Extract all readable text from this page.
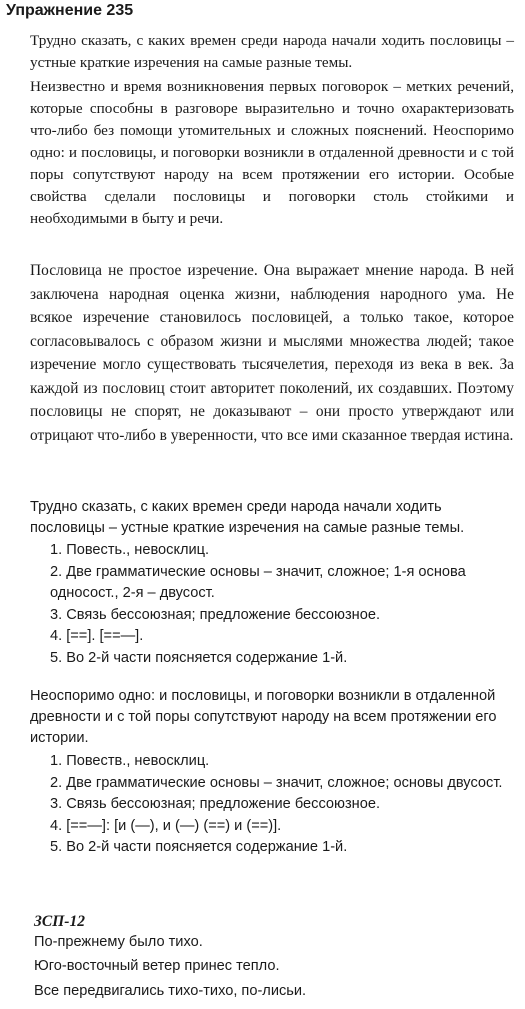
Упражнение 235
Трудно сказать, с каких времен среди народа начали ходить пословицы – устные краткие изречения на самые разные темы.
Неизвестно и время возникновения первых поговорок – метких речений, которые способны в разговоре выразительно и точно охарактеризовать что-либо без помощи утомительных и сложных пояснений. Неоспоримо одно: и пословицы, и поговорки возникли в отдаленной древности и с той поры сопутствуют народу на всем протяжении его истории. Особые свойства сделали пословицы и поговорки столь стойкими и необходимыми в быту и речи.
Пословица не простое изречение. Она выражает мнение народа. В ней заключена народная оценка жизни, наблюдения народного ума. Не всякое изречение становилось пословицей, а только такое, которое согласовывалось с образом жизни и мыслями множества людей; такое изречение могло существовать тысячелетия, переходя из века в век. За каждой из пословиц стоит авторитет поколений, их создавших. Поэтому пословицы не спорят, не доказывают – они просто утверждают или отрицают что-либо в уверенности, что все ими сказанное твердая истина.
Трудно сказать, с каких времен среди народа начали ходить пословицы – устные краткие изречения на самые разные темы.
1. Повесть., невосклиц.
2. Две грамматические основы – значит, сложное; 1-я основа односост., 2-я – двусост.
3. Связь бессоюзная; предложение бессоюзное.
4. [==]. [==—].
5. Во 2-й части поясняется содержание 1-й.
Неоспоримо одно: и пословицы, и поговорки возникли в отдаленной древности и с той поры сопутствуют народу на всем протяжении его истории.
1. Повеств., невосклиц.
2. Две грамматические основы – значит, сложное; основы двусост.
3. Связь бессоюзная; предложение бессоюзное.
4. [==—]: [и (—), и (—) (==) и (==)].
5. Во 2-й части поясняется содержание 1-й.
ЗСП-12
По-прежнему было тихо.
Юго-восточный ветер принес тепло.
Все передвигались тихо-тихо, по-лисьи.
